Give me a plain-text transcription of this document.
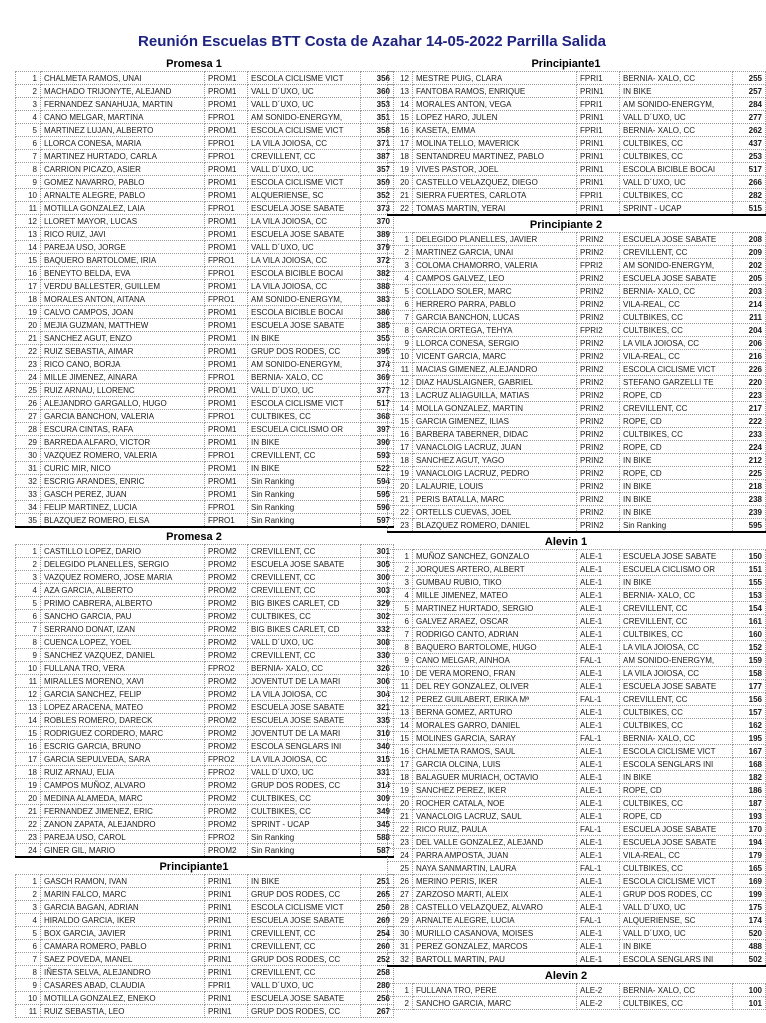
Reunión Escuelas BTT Costa de Azahar 14-05-2022 Parrilla Salida
Promesa 1
1	CHALMETA RAMOS, UNAI	PROM1	ESCOLA CICLISME VICT	356
2	MACHADO TRIJONYTE, ALEJAND	PROM1	VALL D´UXO, UC	360
3	FERNANDEZ SANAHUJA, MARTIN	PROM1	VALL D´UXO, UC	353
4	CANO MELGAR, MARTINA	FPRO1	AM SONIDO-ENERGYM,	351
5	MARTINEZ LUJAN, ALBERTO	PROM1	ESCOLA CICLISME VICT	358
6	LLORCA CONESA, MARIA	FPRO1	LA VILA JOIOSA, CC	371
7	MARTINEZ HURTADO, CARLA	FPRO1	CREVILLENT, CC	387
8	CARRION PICAZO, ASIER	PROM1	VALL D´UXO, UC	357
9	GOMEZ NAVARRO, PABLO	PROM1	ESCOLA CICLISME VICT	359
10	ARNALTE ALEGRE, PABLO	PROM1	ALQUERIENSE, SC	352
11	MOTILLA GONZALEZ, LAIA	FPRO1	ESCUELA JOSE SABATE	373
12	LLORET MAYOR, LUCAS	PROM1	LA VILA JOIOSA, CC	370
13	RICO RUIZ, JAVI	PROM1	ESCUELA JOSE SABATE	389
14	PAREJA USO, JORGE	PROM1	VALL D´UXO, UC	379
15	BAQUERO BARTOLOME, IRIA	FPRO1	LA VILA JOIOSA, CC	372
16	BENEYTO BELDA, EVA	FPRO1	ESCOLA BICIBLE BOCAI	382
17	VERDU BALLESTER, GUILLEM	PROM1	LA VILA JOIOSA, CC	388
18	MORALES ANTON, AITANA	FPRO1	AM SONIDO-ENERGYM,	383
19	CALVO CAMPOS, JOAN	PROM1	ESCOLA BICIBLE BOCAI	386
20	MEJIA GUZMAN, MATTHEW	PROM1	ESCUELA JOSE SABATE	385
21	SANCHEZ AGUT, ENZO	PROM1	IN BIKE	355
22	RUIZ SEBASTIA, AIMAR	PROM1	GRUP DOS RODES, CC	395
23	RICO CANO, BORJA	PROM1	AM SONIDO-ENERGYM,	374
24	MILLE JIMENEZ, AINARA	FPRO1	BERNIA- XALO, CC	369
25	RUIZ ARNAU, LLORENC	PROM1	VALL D´UXO, UC	377
26	ALEJANDRO GARGALLO, HUGO	PROM1	ESCOLA CICLISME VICT	517
27	GARCIA BANCHON, VALERIA	FPRO1	CULTBIKES, CC	368
28	ESCURA CINTAS, RAFA	PROM1	ESCUELA CICLISMO OR	397
29	BARREDA ALFARO, VICTOR	PROM1	IN BIKE	390
30	VAZQUEZ ROMERO, VALERIA	FPRO1	CREVILLENT, CC	593
31	CURIC MIR, NICO	PROM1	IN BIKE	522
32	ESCRIG ARANDES, ENRIC	PROM1	Sin Ranking	594
33	GASCH PEREZ, JUAN	PROM1	Sin Ranking	595
34	FELIP MARTINEZ, LUCIA	FPRO1	Sin Ranking	596
35	BLAZQUEZ ROMERO, ELSA	FPRO1	Sin Ranking	597
Promesa 2
1	CASTILLO LOPEZ, DARIO	PROM2	CREVILLENT, CC	301
2	DELEGIDO PLANELLES, SERGIO	PROM2	ESCUELA JOSE SABATE	305
3	VAZQUEZ ROMERO, JOSE MARIA	PROM2	CREVILLENT, CC	300
4	AZA GARCIA, ALBERTO	PROM2	CREVILLENT, CC	303
5	PRIMO CABRERA, ALBERTO	PROM2	BIG BIKES CARLET, CD	329
6	SANCHO GARCIA, PAU	PROM2	CULTBIKES, CC	302
7	SERRANO DONAT, IZAN	PROM2	BIG BIKES CARLET, CD	332
8	CUENCA LOPEZ, YOEL	PROM2	VALL D´UXO, UC	308
9	SANCHEZ VAZQUEZ, DANIEL	PROM2	CREVILLENT, CC	330
10	FULLANA TRO, VERA	FPRO2	BERNIA- XALO, CC	326
11	MIRALLES MORENO, XAVI	PROM2	JOVENTUT DE LA MARI	306
12	GARCIA SANCHEZ, FELIP	PROM2	LA VILA JOIOSA, CC	304
13	LOPEZ ARACENA, MATEO	PROM2	ESCUELA JOSE SABATE	321
14	ROBLES ROMERO, DARECK	PROM2	ESCUELA JOSE SABATE	335
15	RODRIGUEZ CORDERO, MARC	PROM2	JOVENTUT DE LA MARI	310
16	ESCRIG GARCIA, BRUNO	PROM2	ESCOLA SENGLARS INI	340
17	GARCIA SEPULVEDA, SARA	FPRO2	LA VILA JOIOSA, CC	315
18	RUIZ ARNAU, ELIA	FPRO2	VALL D´UXO, UC	331
19	CAMPOS MUÑOZ, ALVARO	PROM2	GRUP DOS RODES, CC	314
20	MEDINA ALAMEDA, MARC	PROM2	CULTBIKES, CC	309
21	FERNANDEZ JIMENEZ, ERIC	PROM2	CULTBIKES, CC	349
22	ZANON ZAPATA, ALEJANDRO	PROM2	SPRINT - UCAP	345
23	PAREJA USO, CAROL	FPRO2	Sin Ranking	588
24	GINER GIL, MARIO	PROM2	Sin Ranking	587
Principiante1
1	GASCH RAMON, IVAN	PRIN1	IN BIKE	251
2	MARIN FALCO, MARC	PRIN1	GRUP DOS RODES, CC	265
3	GARCIA BAGAN, ADRIAN	PRIN1	ESCOLA CICLISME VICT	250
4	HIRALDO GARCIA, IKER	PRIN1	ESCUELA JOSE SABATE	269
5	BOX GARCIA, JAVIER	PRIN1	CREVILLENT, CC	254
6	CAMARA ROMERO, PABLO	PRIN1	CREVILLENT, CC	260
7	SAEZ POVEDA, MANEL	PRIN1	GRUP DOS RODES, CC	252
8	IÑESTA SELVA, ALEJANDRO	PRIN1	CREVILLENT, CC	258
9	CASARES ABAD, CLAUDIA	FPRI1	VALL D´UXO, UC	280
10	MOTILLA GONZALEZ, ENEKO	PRIN1	ESCUELA JOSE SABATE	256
11	RUIZ SEBASTIA, LEO	PRIN1	GRUP DOS RODES, CC	267
Principiante1
12	MESTRE PUIG, CLARA	FPRI1	BERNIA- XALO, CC	255
13	FANTOBA RAMOS, ENRIQUE	PRIN1	IN BIKE	257
14	MORALES ANTON, VEGA	FPRI1	AM SONIDO-ENERGYM,	284
15	LOPEZ HARO, JULEN	PRIN1	VALL D´UXO, UC	277
16	KASETA, EMMA	FPRI1	BERNIA- XALO, CC	262
17	MOLINA TELLO, MAVERICK	PRIN1	CULTBIKES, CC	437
18	SENTANDREU MARTINEZ, PABLO	PRIN1	CULTBIKES, CC	253
19	VIVES PASTOR, JOEL	PRIN1	ESCOLA BICIBLE BOCAI	517
20	CASTELLO VELAZQUEZ, DIEGO	PRIN1	VALL D´UXO, UC	266
21	SIERRA FUERTES, CARLOTA	FPRI1	CULTBIKES, CC	282
22	TOMAS MARTIN, YERAI	PRIN1	SPRINT - UCAP	515
Principiante 2
1	DELEGIDO PLANELLES, JAVIER	PRIN2	ESCUELA JOSE SABATE	208
2	MARTINEZ GARCIA, UNAI	PRIN2	CREVILLENT, CC	209
3	COLOMA CHAMORRO, VALERIA	FPRI2	AM SONIDO-ENERGYM,	202
4	CAMPOS GALVEZ, LEO	PRIN2	ESCUELA JOSE SABATE	205
5	COLLADO SOLER, MARC	PRIN2	BERNIA- XALO, CC	203
6	HERRERO PARRA, PABLO	PRIN2	VILA-REAL, CC	214
7	GARCIA BANCHON, LUCAS	PRIN2	CULTBIKES, CC	211
8	GARCIA ORTEGA, TEHYA	FPRI2	CULTBIKES, CC	204
9	LLORCA CONESA, SERGIO	PRIN2	LA VILA JOIOSA, CC	206
10	VICENT GARCIA, MARC	PRIN2	VILA-REAL, CC	216
11	MACIAS GIMENEZ, ALEJANDRO	PRIN2	ESCOLA CICLISME VICT	226
12	DIAZ HAUSLAIGNER, GABRIEL	PRIN2	STEFANO GARZELLI TE	220
13	LACRUZ ALIAGUILLA, MATIAS	PRIN2	ROPE, CD	223
14	MOLLA GONZALEZ, MARTIN	PRIN2	CREVILLENT, CC	217
15	GARCIA GIMENEZ, ILIAS	PRIN2	ROPE, CD	222
16	BARBERA TABERNER, DIDAC	PRIN2	CULTBIKES, CC	233
17	VANACLOIG LACRUZ, JUAN	PRIN2	ROPE, CD	224
18	SANCHEZ AGUT, YAGO	PRIN2	IN BIKE	212
19	VANACLOIG LACRUZ, PEDRO	PRIN2	ROPE, CD	225
20	LALAURIE, LOUIS	PRIN2	IN BIKE	218
21	PERIS BATALLA, MARC	PRIN2	IN BIKE	238
22	ORTELLS CUEVAS, JOEL	PRIN2	IN BIKE	239
23	BLAZQUEZ ROMERO, DANIEL	PRIN2	Sin Ranking	595
Alevin 1
1	MUÑOZ SANCHEZ, GONZALO	ALE-1	ESCUELA JOSE SABATE	150
2	JORQUES ARTERO, ALBERT	ALE-1	ESCUELA CICLISMO OR	151
3	GUMBAU RUBIO, TIKO	ALE-1	IN BIKE	155
4	MILLE JIMENEZ, MATEO	ALE-1	BERNIA- XALO, CC	153
5	MARTINEZ HURTADO, SERGIO	ALE-1	CREVILLENT, CC	154
6	GALVEZ ARAEZ, OSCAR	ALE-1	CREVILLENT, CC	161
7	RODRIGO CANTO, ADRIAN	ALE-1	CULTBIKES, CC	160
8	BAQUERO BARTOLOME, HUGO	ALE-1	LA VILA JOIOSA, CC	152
9	CANO MELGAR, AINHOA	FAL-1	AM SONIDO-ENERGYM,	159
10	DE VERA MORENO, FRAN	ALE-1	LA VILA JOIOSA, CC	158
11	DEL REY GONZALEZ, OLIVER	ALE-1	ESCUELA JOSE SABATE	177
12	PEREZ GUILABERT, ERIKA Mª	FAL-1	CREVILLENT, CC	156
13	BERNA GOMEZ, ARTURO	ALE-1	CULTBIKES, CC	157
14	MORALES GARRO, DANIEL	ALE-1	CULTBIKES, CC	162
15	MOLINES GARCIA, SARAY	FAL-1	BERNIA- XALO, CC	195
16	CHALMETA RAMOS, SAUL	ALE-1	ESCOLA CICLISME VICT	167
17	GARCIA OLCINA, LUIS	ALE-1	ESCOLA SENGLARS INI	168
18	BALAGUER MURIACH, OCTAVIO	ALE-1	IN BIKE	182
19	SANCHEZ PEREZ, IKER	ALE-1	ROPE, CD	186
20	ROCHER CATALA, NOE	ALE-1	CULTBIKES, CC	187
21	VANACLOIG LACRUZ, SAUL	ALE-1	ROPE, CD	193
22	RICO RUIZ, PAULA	FAL-1	ESCUELA JOSE SABATE	170
23	DEL VALLE GONZALEZ, ALEJAND	ALE-1	ESCUELA JOSE SABATE	194
24	PARRA AMPOSTA, JUAN	ALE-1	VILA-REAL, CC	179
25	NAYA SANMARTIN, LAURA	FAL-1	CULTBIKES, CC	165
26	MERINO PERIS, IKER	ALE-1	ESCOLA CICLISME VICT	169
27	ZARZOSO MARTI, ALEIX	ALE-1	GRUP DOS RODES, CC	199
28	CASTELLO VELAZQUEZ, ALVARO	ALE-1	VALL D´UXO, UC	175
29	ARNALTE ALEGRE, LUCIA	FAL-1	ALQUERIENSE, SC	174
30	MURILLO CASANOVA, MOISES	ALE-1	VALL D´UXO, UC	520
31	PEREZ GONZALEZ, MARCOS	ALE-1	IN BIKE	488
32	BARTOLL MARTIN, PAU	ALE-1	ESCOLA SENGLARS INI	502
Alevin 2
1	FULLANA TRO, PERE	ALE-2	BERNIA- XALO, CC	100
2	SANCHO GARCIA, MARC	ALE-2	CULTBIKES, CC	101
